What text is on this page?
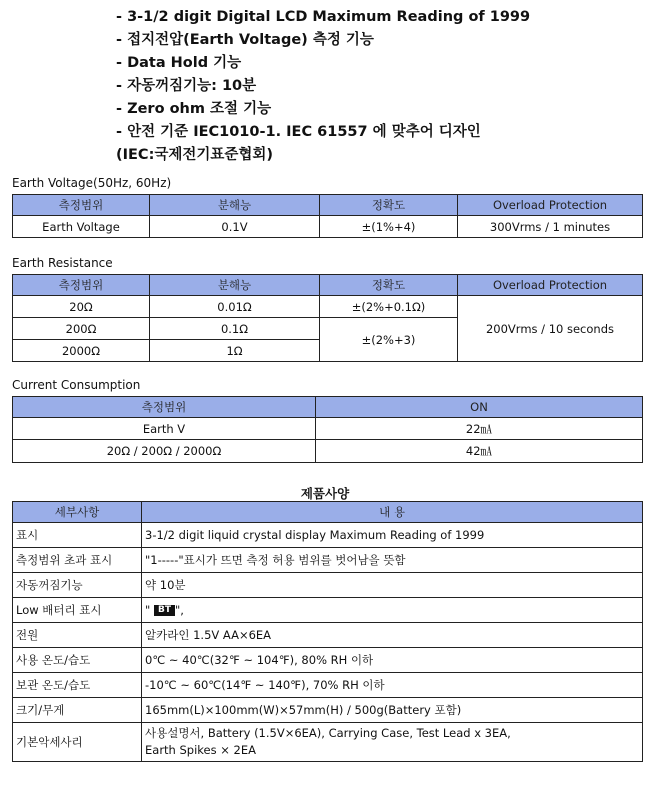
- 3-1/2 digit Digital LCD Maximum Reading of 1999
- 접지전압(Earth Voltage) 측정 기능
- Data Hold 기능
- 자동꺼짐기능: 10분
- Zero ohm 조절 기능
- 안전 기준 IEC1010-1. IEC 61557 에 맞추어 디자인
(IEC:국제전기표준협회)
Earth Voltage(50Hz, 60Hz)
측정범위	분해능	정확도	Overload Protection
Earth Voltage	0.1V	±(1%+4)	300Vrms / 1 minutes
Earth Resistance
측정범위	분해능	정확도	Overload Protection
20Ω	0.01Ω	±(2%+0.1Ω)	200Vrms / 10 seconds
200Ω	0.1Ω	±(2%+3)	
2000Ω	1Ω		
Current Consumption
측정범위	ON
Earth V	22㎃
20Ω / 200Ω / 2000Ω	42㎃
제품사양
세부사항	내 용
표시	3-1/2 digit liquid crystal display Maximum Reading of 1999
측정범위 초과 표시	"1-----"표시가 뜨면 측정 허용 범위를 벗어남을 뜻함
자동꺼짐기능	약 10분
Low 배터리 표시	" BT ",
전원	알카라인 1.5V AA×6EA
사용 온도/습도	0℃ ~ 40℃(32℉ ~ 104℉), 80% RH 이하
보관 온도/습도	-10℃ ~ 60℃(14℉ ~ 140℉), 70% RH 이하
크기/무게	165mm(L)×100mm(W)×57mm(H) / 500g(Battery 포함)
기본악세사리	사용설명서, Battery (1.5V×6EA), Carrying Case, Test Lead x 3EA,
Earth Spikes × 2EA
